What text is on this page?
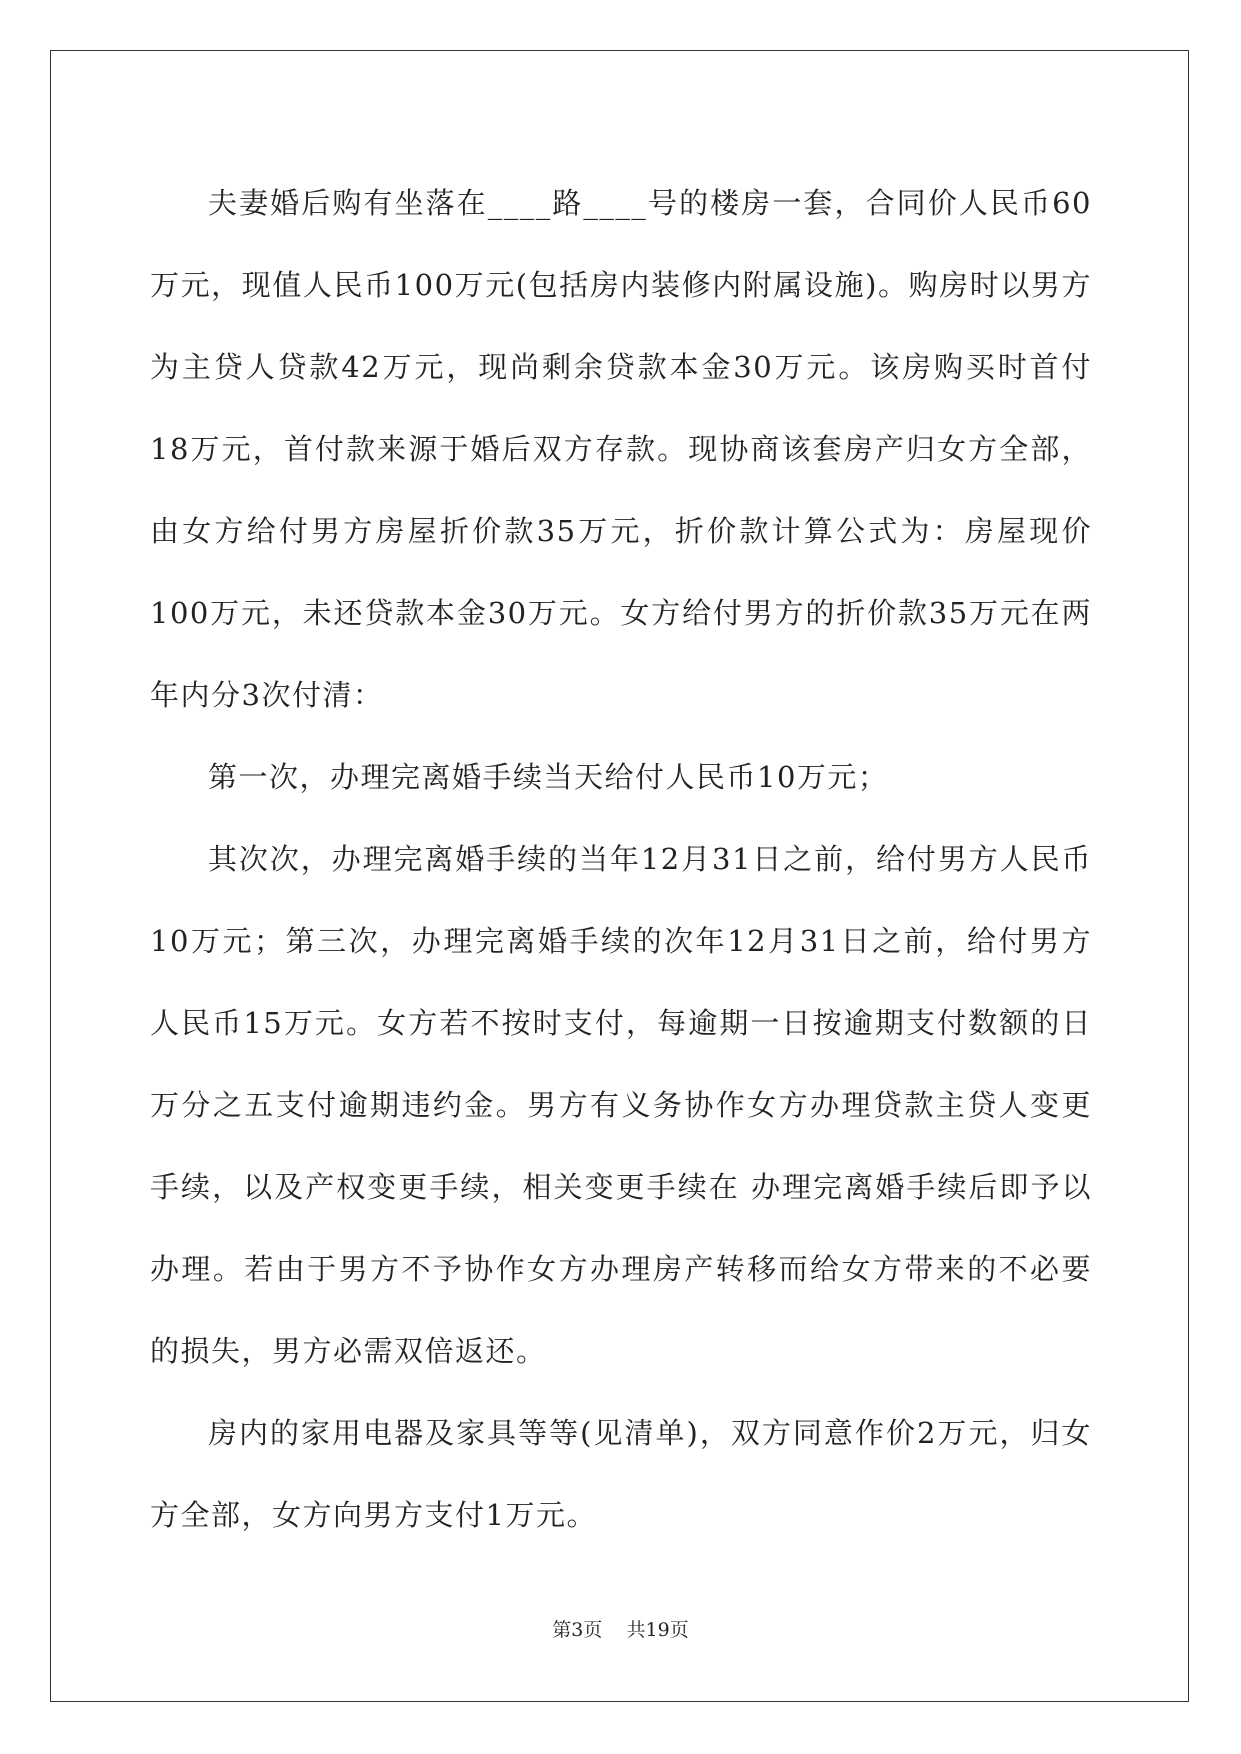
夫妻婚后购有坐落在____路____号的楼房一套，合同价人民币60万元，现值人民币100万元(包括房内装修内附属设施)。购房时以男方为主贷人贷款42万元，现尚剩余贷款本金30万元。该房购买时首付18万元，首付款来源于婚后双方存款。现协商该套房产归女方全部，由女方给付男方房屋折价款35万元，折价款计算公式为：房屋现价100万元，未还贷款本金30万元。女方给付男方的折价款35万元在两年内分3次付清：

第一次，办理完离婚手续当天给付人民币10万元；

其次次，办理完离婚手续的当年12月31日之前，给付男方人民币10万元；第三次，办理完离婚手续的次年12月31日之前，给付男方人民币15万元。女方若不按时支付，每逾期一日按逾期支付数额的日万分之五支付逾期违约金。男方有义务协作女方办理贷款主贷人变更手续，以及产权变更手续，相关变更手续在 办理完离婚手续后即予以办理。若由于男方不予协作女方办理房产转移而给女方带来的不必要的损失，男方必需双倍返还。

房内的家用电器及家具等等(见清单)，双方同意作价2万元，归女方全部，女方向男方支付1万元。

第3页 共19页
